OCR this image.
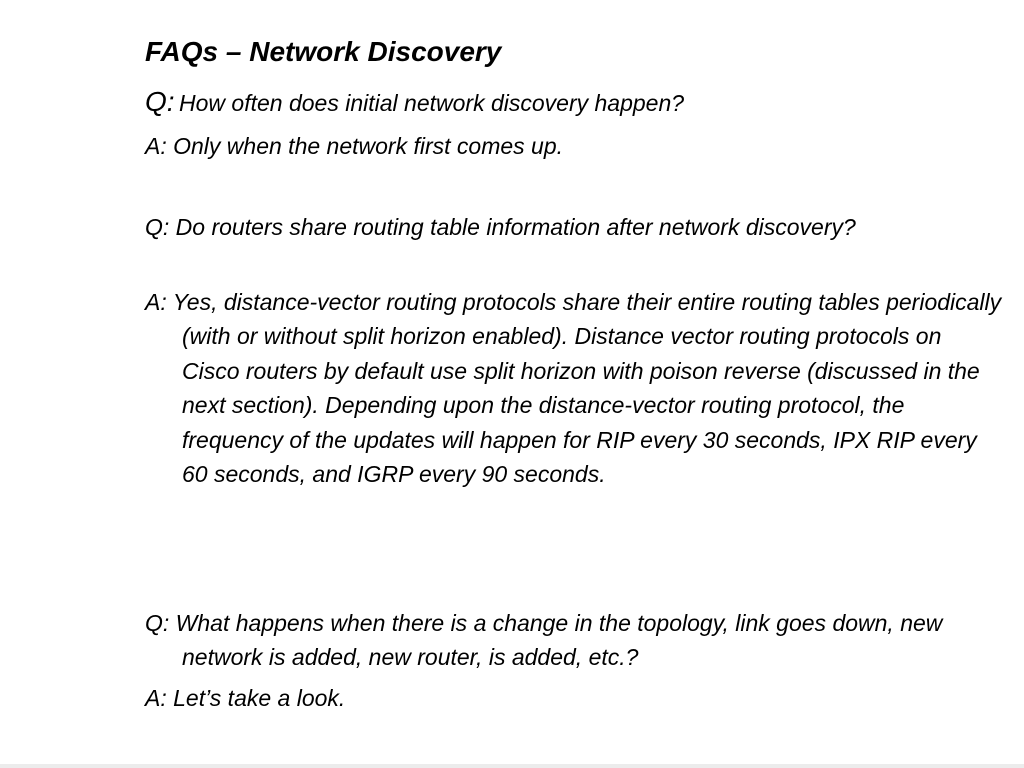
FAQs – Network Discovery
Q: How often does initial network discovery happen?
A: Only when the network first comes up.
Q: Do routers share routing table information after network discovery?
A: Yes, distance-vector routing protocols share their entire routing tables periodically (with or without split horizon enabled). Distance vector routing protocols on Cisco routers by default use split horizon with poison reverse (discussed in the next section). Depending upon the distance-vector routing protocol, the frequency of the updates will happen for RIP every 30 seconds, IPX RIP every 60 seconds, and IGRP every 90 seconds.
Q: What happens when there is a change in the topology, link goes down, new network is added, new router, is added, etc.?
A: Let’s take a look.
